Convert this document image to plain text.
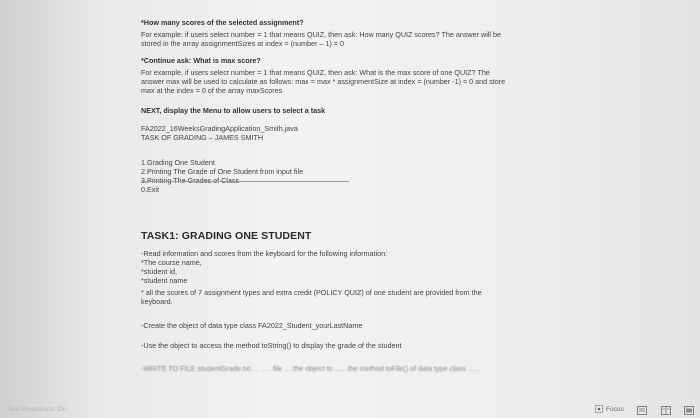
*How many scores of the selected assignment?
For example: if users select number = 1 that means QUIZ, then ask: How many QUIZ scores? The answer will be
stored in the array assignmentSizes at index = (number – 1) = 0
*Continue ask: What is max score?
For example, if users select number = 1 that means QUIZ, then ask: What is the max score of one QUIZ? The
answer max will be used to calculate as follows: max = max * assignmentSize at index = (number -1) = 0 and store
max at the index = 0 of the array maxScores
NEXT, display the Menu to allow users to select a task
FA2022_16WeeksGradingApplication_Smith.java
TASK OF GRADING – JAMES SMITH
1.Grading One Student
2.Printing The Grade of One Student from input file
0.Exit
TASK1: GRADING ONE STUDENT
-Read information and scores from the keyboard for the following information:
*The course name,
*student id,
*student name
* all the scores of 7 assignment types and extra credit (POLICY QUIZ) of one student are provided from the
keyboard.
-Create the object of data type class FA2022_Student_yourLastName
-Use the object to access the method toString() to display the grade of the student
-WRITE TO FILE studentGrade.txt… ….. file ….the object to ….. the method toFile() of data type class …..
Text Predictions: On	Focus
